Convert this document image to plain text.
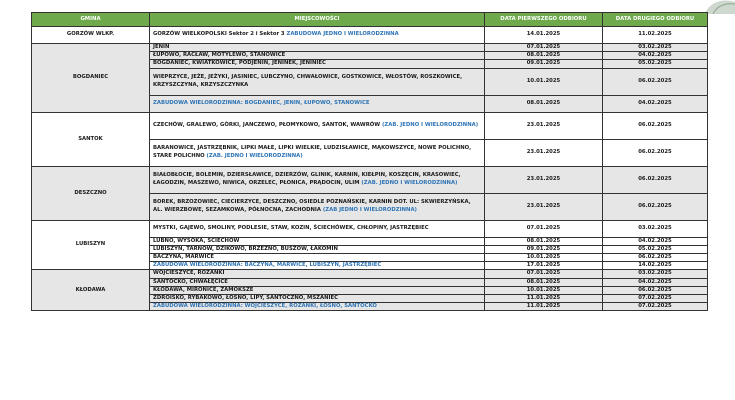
GMINA	MIEJSCOWOŚCI	DATA PIERWSZEGO ODBIORU	DATA DRUGIEGO ODBIORU
GORZÓW WLKP.	GORZÓW WIELKOPOLSKI Sektor 2 i Sektor 3 ZABUDOWA JEDNO I WIELORODZINNA	14.01.2025	11.02.2025
BOGDANIEC	JENIN	07.01.2025	03.02.2025
	ŁUPOWO, RACŁAW, MOTYLEWO, STANOWICE	08.01.2025	04.02.2025
	BOGDANIEC, KWIATKOWICE, PODJENIN, JENINEK, JENINIEC	09.01.2025	05.02.2025
	WIEPRZYCE, JEŻE, JEŻYKI, JASINIEC, LUBCZYNO, CHWAŁOWICE, GOSTKOWICE, WŁOSTÓW, ROSZKOWICE, KRZYSZCZYNA, KRZYSZCZYNKA	10.01.2025	06.02.2025
	ZABUDOWA WIELORODZINNA: BOGDANIEC, JENIN, ŁUPOWO, STANOWICE	08.01.2025	04.02.2025
SANTOK	CZECHÓW, GRALEWO, GÓRKI, JANCZEWO, PŁOMYKOWO, SANTOK, WAWRÓW (ZAB. JEDNO I WIELORODZINNA)	23.01.2025	06.02.2025
	BARANOWICE, JASTRZĘBNIK, LIPKI MAŁE, LIPKI WIELKIE, LUDZISŁAWICE, MĄKOWSZYCE, NOWE POLICHNO, STARE POLICHNO (ZAB. JEDNO I WIELORODZINNA)	23.01.2025	06.02.2025
DESZCZNO	BIAŁOBŁOCIE, BOLEMIN, DZIERSŁAWICE, DZIERZÓW, GLINIK, KARNIN, KIEŁPIN, KOSZĘCIN, KRASOWIEC, ŁAGODZIN, MASZEWO, NIWICA, ORZELEC, PŁONICA, PRĄDOCIN, ULIM (ZAB. JEDNO I WIELORODZINNA)	23.01.2025	06.02.2025
	BOREK, BRZOZOWIEC, CIECIERZYCE, DESZCZNO, OSIEDLE POZNAŃSKIE, KARNIN DOT. UL: SKWIERZYŃSKA, AL. WIERZBOWE, SEZAMKOWA, PÓŁNOCNA, ZACHODNIA (ZAB JEDNO I WIELORODZINNA)	23.01.2025	06.02.2025
LUBISZYN	MYSTKI, GAJEWO, SMOLINY, PODLESIE, STAW, KOZIN, ŚCIECHÓWEK, CHŁOPINY, JASTRZĘBIEC	07.01.2025	03.02.2025
	LUBNO, WYSOKA, ŚCIECHÓW	08.01.2025	04.02.2025
	LUBISZYN, TARNÓW, DZIKOWO, BRZEŹNO, BUSZÓW, ŁAKOMIN	09.01.2025	05.02.2025
	BACZYNA, MARWICE	10.01.2025	06.02.2025
	ZABUDOWA WIELORODZINNA: BACZYNA, MARWICE, LUBISZYN, JASTRZĘBIEC	17.01.2025	14.02.2025
KŁODAWA	WOJCIESZYCE, RÓŻANKI	07.01.2025	03.02.2025
	SANTOCKO, CHWAŁĘCICE	08.01.2025	04.02.2025
	KŁODAWA, MIRONICE, ZAMOKSZE	10.01.2025	06.02.2025
	ZDROISKO, RYBAKOWO, ŁOŚNO, LIPY, SANTOCZNO, MSZANIEC	11.01.2025	07.02.2025
	ZABUDOWA WIELORODZINNA: WOJCIESZYCE, RÓŻANKI, ŁOŚNO, SANTOCKO	11.01.2025	07.02.2025
